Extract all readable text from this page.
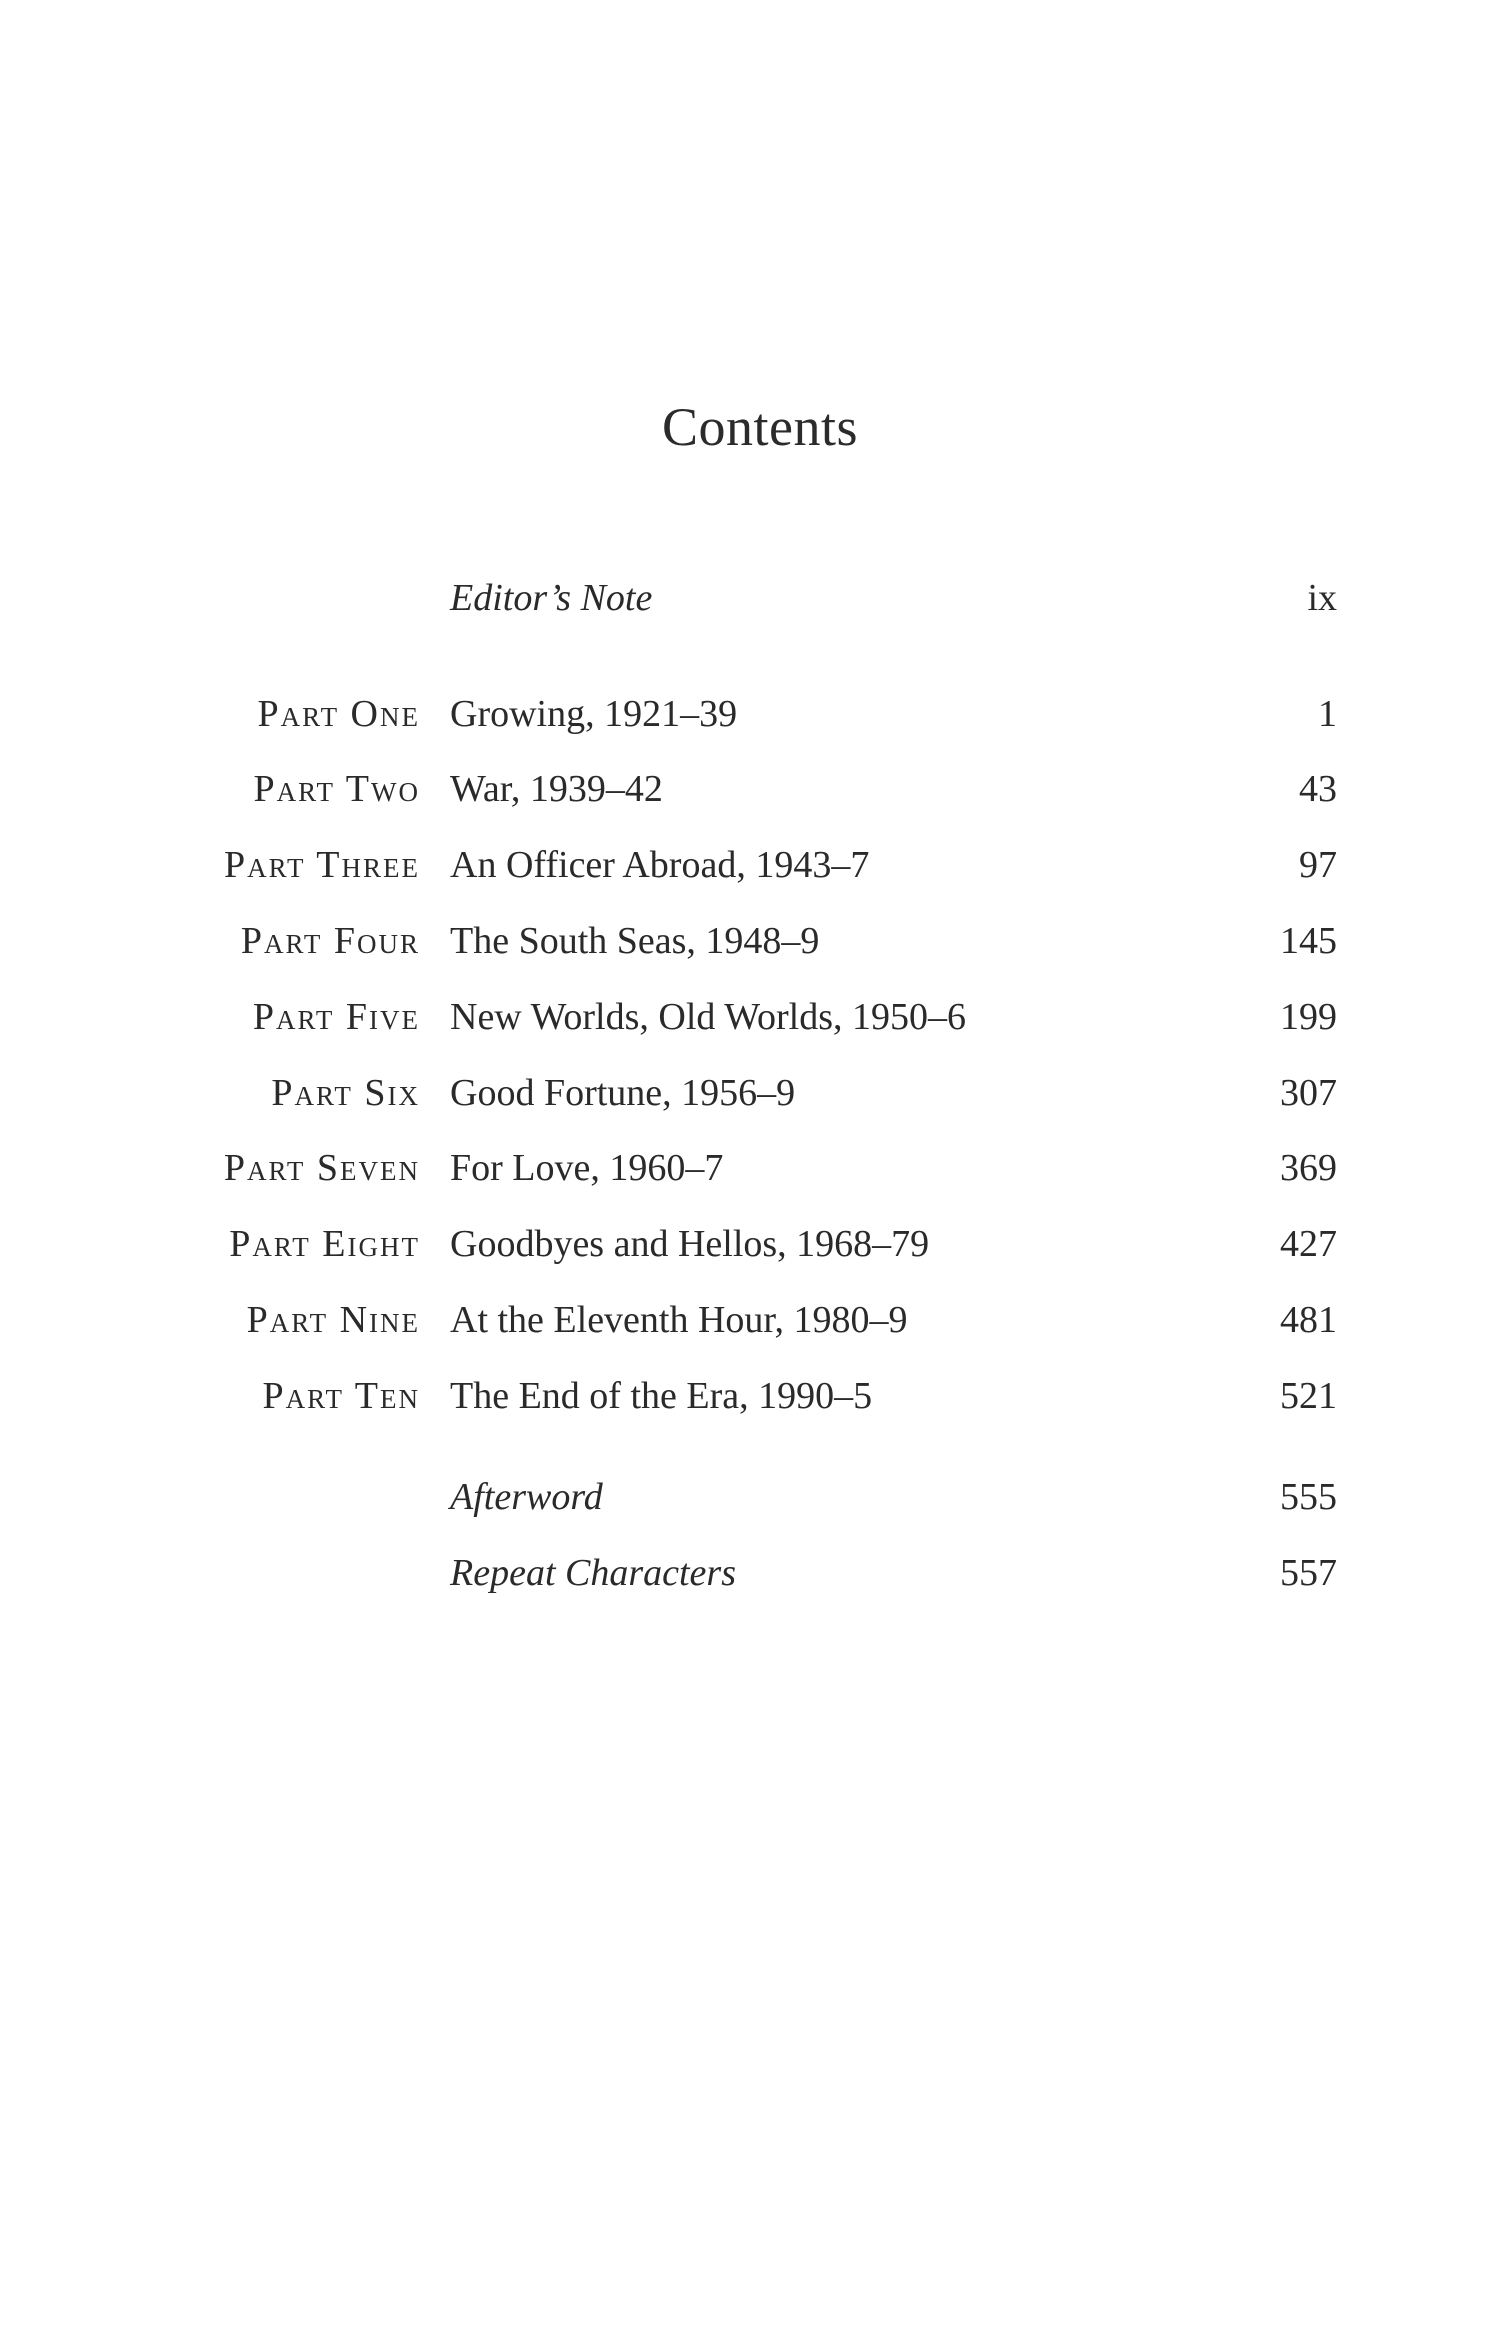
Contents
Editor’s Note	ix
Part One Growing, 1921–39	1
Part Two War, 1939–42	43
Part Three An Officer Abroad, 1943–7	97
Part Four The South Seas, 1948–9	145
Part Five New Worlds, Old Worlds, 1950–6	199
Part Six Good Fortune, 1956–9	307
Part Seven For Love, 1960–7	369
Part Eight Goodbyes and Hellos, 1968–79	427
Part Nine At the Eleventh Hour, 1980–9	481
Part Ten The End of the Era, 1990–5	521
Afterword	555
Repeat Characters	557
